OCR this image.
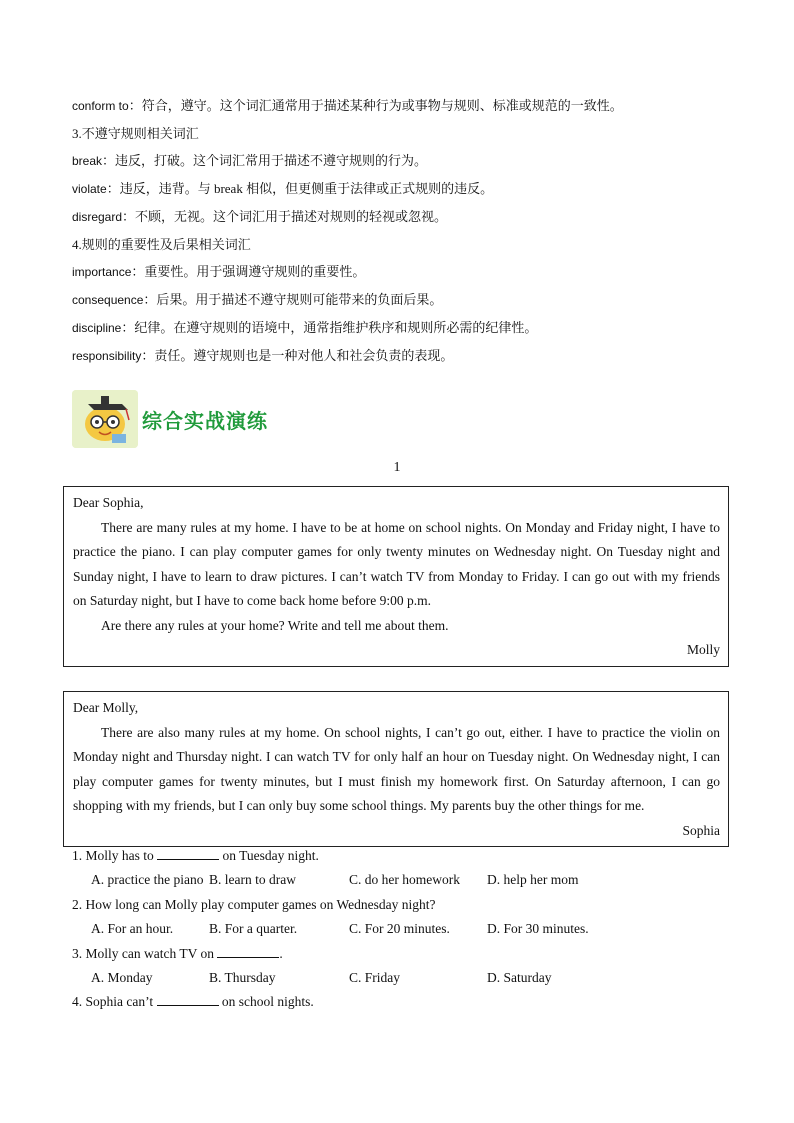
conform to：符合，遵守。这个词汇通常用于描述某种行为或事物与规则、标准或规范的一致性。
3.不遵守规则相关词汇
break：违反，打破。这个词汇常用于描述不遵守规则的行为。
violate：违反，违背。与 break 相似，但更侧重于法律或正式规则的违反。
disregard：不顾，无视。这个词汇用于描述对规则的轻视或忽视。
4.规则的重要性及后果相关词汇
importance：重要性。用于强调遵守规则的重要性。
consequence：后果。用于描述不遵守规则可能带来的负面后果。
discipline：纪律。在遵守规则的语境中，通常指维护秩序和规则所必需的纪律性。
responsibility：责任。遵守规则也是一种对他人和社会负责的表现。
综合实战演练
1

Dear Sophia,

There are many rules at my home. I have to be at home on school nights. On Monday and Friday night, I have to practice the piano. I can play computer games for only twenty minutes on Wednesday night. On Tuesday night and Sunday night, I have to learn to draw pictures. I can’t watch TV from Monday to Friday. I can go out with my friends on Saturday night, but I have to come back home before 9:00 p.m.

Are there any rules at your home? Write and tell me about them.

Molly

Dear Molly,

There are also many rules at my home. On school nights, I can’t go out, either. I have to practice the violin on Monday night and Thursday night. I can watch TV for only half an hour on Tuesday night. On Wednesday night, I can play computer games for twenty minutes, but I must finish my homework first. On Saturday afternoon, I can go shopping with my friends, but I can only buy some school things. My parents buy the other things for me.

Sophia

1. Molly has to	on Tuesday night.
A. practice the piano B. learn to draw	C. do her homework	D. help her mom
2. How long can Molly play computer games on Wednesday night?
A. For an hour.	B. For a quarter.	C. For 20 minutes.	D. For 30 minutes.
3. Molly can watch TV on	.
A. Monday	B. Thursday	C. Friday	D. Saturday
4. Sophia can’t	on school nights.
